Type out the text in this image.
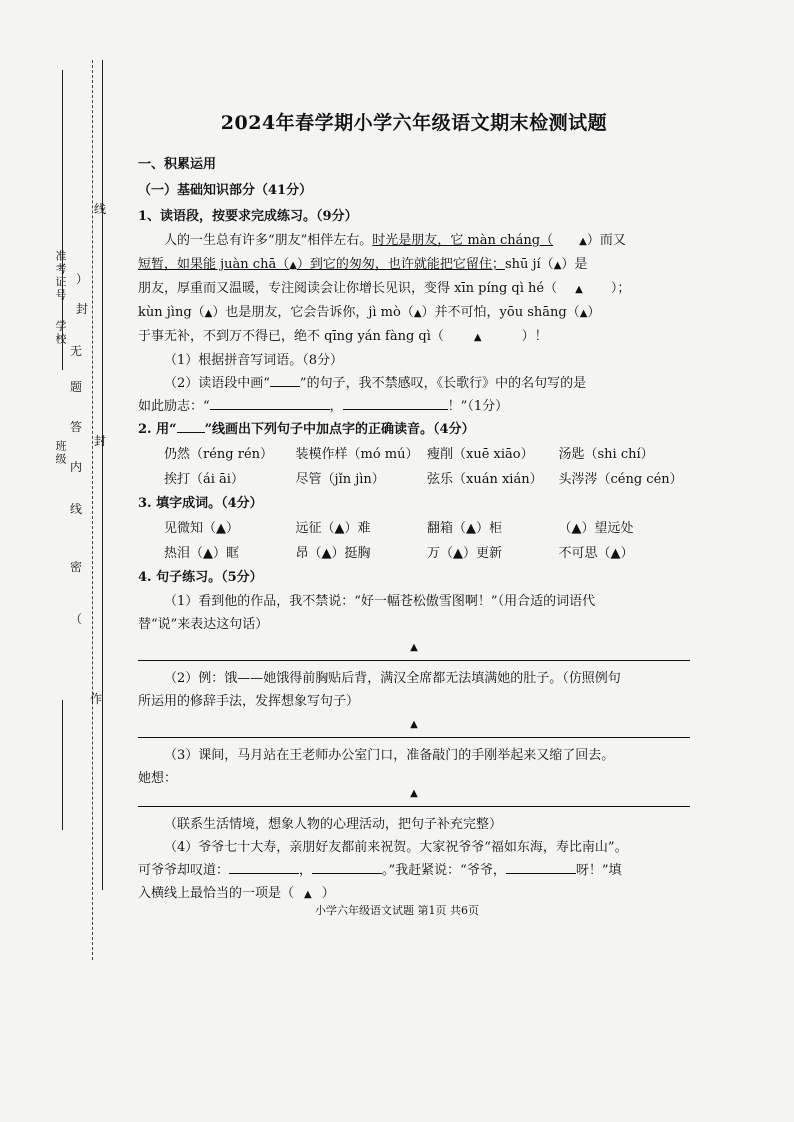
准考证号
学校
班级
线
）
封
无
题
答
封
内
线
密
（
作
2024年春学期小学六年级语文期末检测试题
一、积累运用
（一）基础知识部分（41分）
1、读语段，按要求完成练习。（9分）

人的一生总有许多“朋友”相伴左右。时光是朋友，它 màn cháng（	▲）而又

短暂，如果能 juàn chā（▲）到它的匆匆，也许就能把它留住；shū jí（▲）是

朋友，厚重而又温暖，专注阅读会让你增长见识，变得 xīn píng qì hé（ ▲ ）；

kùn jìng（▲）也是朋友，它会告诉你，jì mò（▲）并不可怕，yōu shāng（▲）

于事无补，不到万不得已，绝不 qīng yán fàng qì（	▲	）！

（1）根据拼音写词语。（8分）

（2）读语段中画“ ”的句子，我不禁感叹，《长歌行》中的名句写的是

如此励志：“	，	！”（1分）

2. 用“ ”线画出下列句子中加点字的正确读音。（4分）

仍然（réng rén）	装模作样（mó mú） 瘦削（xuē xiāo）	汤匙（shi chí）
挨打（ái āi）	尽管（jǐn jìn）	弦乐（xuán xián）	头涔涔（céng cén）

3. 填字成词。（4分）

见微知（▲）	远征（▲）难	翻箱（▲）柜	（▲）望远处
热泪（▲）眶	昂（▲）挺胸	万（▲）更新	不可思（▲）

4. 句子练习。（5分）

（1）看到他的作品，我不禁说：“好一幅苍松傲雪图啊！”（用合适的词语代

替“说”来表达这句话）

▲

（2）例：饿——她饿得前胸贴后背，满汉全席都无法填满她的肚子。（仿照例句

所运用的修辞手法，发挥想象写句子）

▲

（3）课间，马月站在王老师办公室门口，准备敲门的手刚举起来又缩了回去。

她想：

▲

（联系生活情境，想象人物的心理活动，把句子补充完整）

（4）爷爷七十大寿，亲朋好友都前来祝贺。大家祝爷爷“福如东海，寿比南山”。

可爷爷却叹道：	，	。”我赶紧说：“爷爷，	呀！”填

入横线上最恰当的一项是（ ▲ ）

小学六年级语文试题 第1页 共6页
